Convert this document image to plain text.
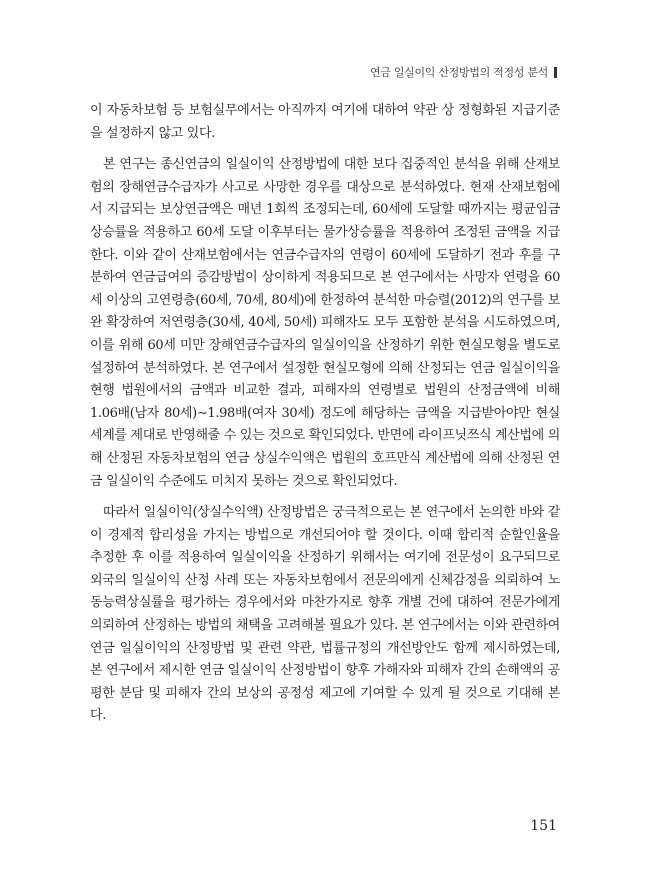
연금 일실이익 산정방법의 적정성 분석

이 자동차보험 등 보험실무에서는 아직까지 여기에 대하여 약관 상 정형화된 지급기준을 설정하지 않고 있다.

본 연구는 종신연금의 일실이익 산정방법에 대한 보다 집중적인 분석을 위해 산재보험의 장해연금수급자가 사고로 사망한 경우를 대상으로 분석하였다. 현재 산재보험에서 지급되는 보상연금액은 매년 1회씩 조정되는데, 60세에 도달할 때까지는 평균임금상승률을 적용하고 60세 도달 이후부터는 물가상승률을 적용하여 조정된 금액을 지급한다. 이와 같이 산재보험에서는 연금수급자의 연령이 60세에 도달하기 전과 후를 구분하여 연금급여의 증감방법이 상이하게 적용되므로 본 연구에서는 사망자 연령을 60세 이상의 고연령층(60세, 70세, 80세)에 한정하여 분석한 마승렬(2012)의 연구를 보완 확장하여 저연령층(30세, 40세, 50세) 피해자도 모두 포함한 분석을 시도하였으며, 이를 위해 60세 미만 장해연금수급자의 일실이익을 산정하기 위한 현실모형을 별도로 설정하여 분석하였다. 본 연구에서 설정한 현실모형에 의해 산정되는 연금 일실이익을 현행 법원에서의 금액과 비교한 결과, 피해자의 연령별로 법원의 산정금액에 비해 1.06배(남자 80세)∼1.98배(여자 30세) 정도에 해당하는 금액을 지급받아야만 현실세계를 제대로 반영해줄 수 있는 것으로 확인되었다. 반면에 라이프닛쯔식 계산법에 의해 산정된 자동차보험의 연금 상실수익액은 법원의 호프만식 계산법에 의해 산정된 연금 일실이익 수준에도 미치지 못하는 것으로 확인되었다.

따라서 일실이익(상실수익액) 산정방법은 궁극적으로는 본 연구에서 논의한 바와 같이 경제적 합리성을 가지는 방법으로 개선되어야 할 것이다. 이때 합리적 순할인율을 추정한 후 이를 적용하여 일실이익을 산정하기 위해서는 여기에 전문성이 요구되므로 외국의 일실이익 산정 사례 또는 자동차보험에서 전문의에게 신체감정을 의뢰하여 노동능력상실률을 평가하는 경우에서와 마찬가지로 향후 개별 건에 대하여 전문가에게 의뢰하여 산정하는 방법의 채택을 고려해볼 필요가 있다. 본 연구에서는 이와 관련하여 연금 일실이익의 산정방법 및 관련 약관, 법률규정의 개선방안도 함께 제시하였는데, 본 연구에서 제시한 연금 일실이익 산정방법이 향후 가해자와 피해자 간의 손해액의 공평한 분담 및 피해자 간의 보상의 공정성 제고에 기여할 수 있게 될 것으로 기대해 본다.

151
